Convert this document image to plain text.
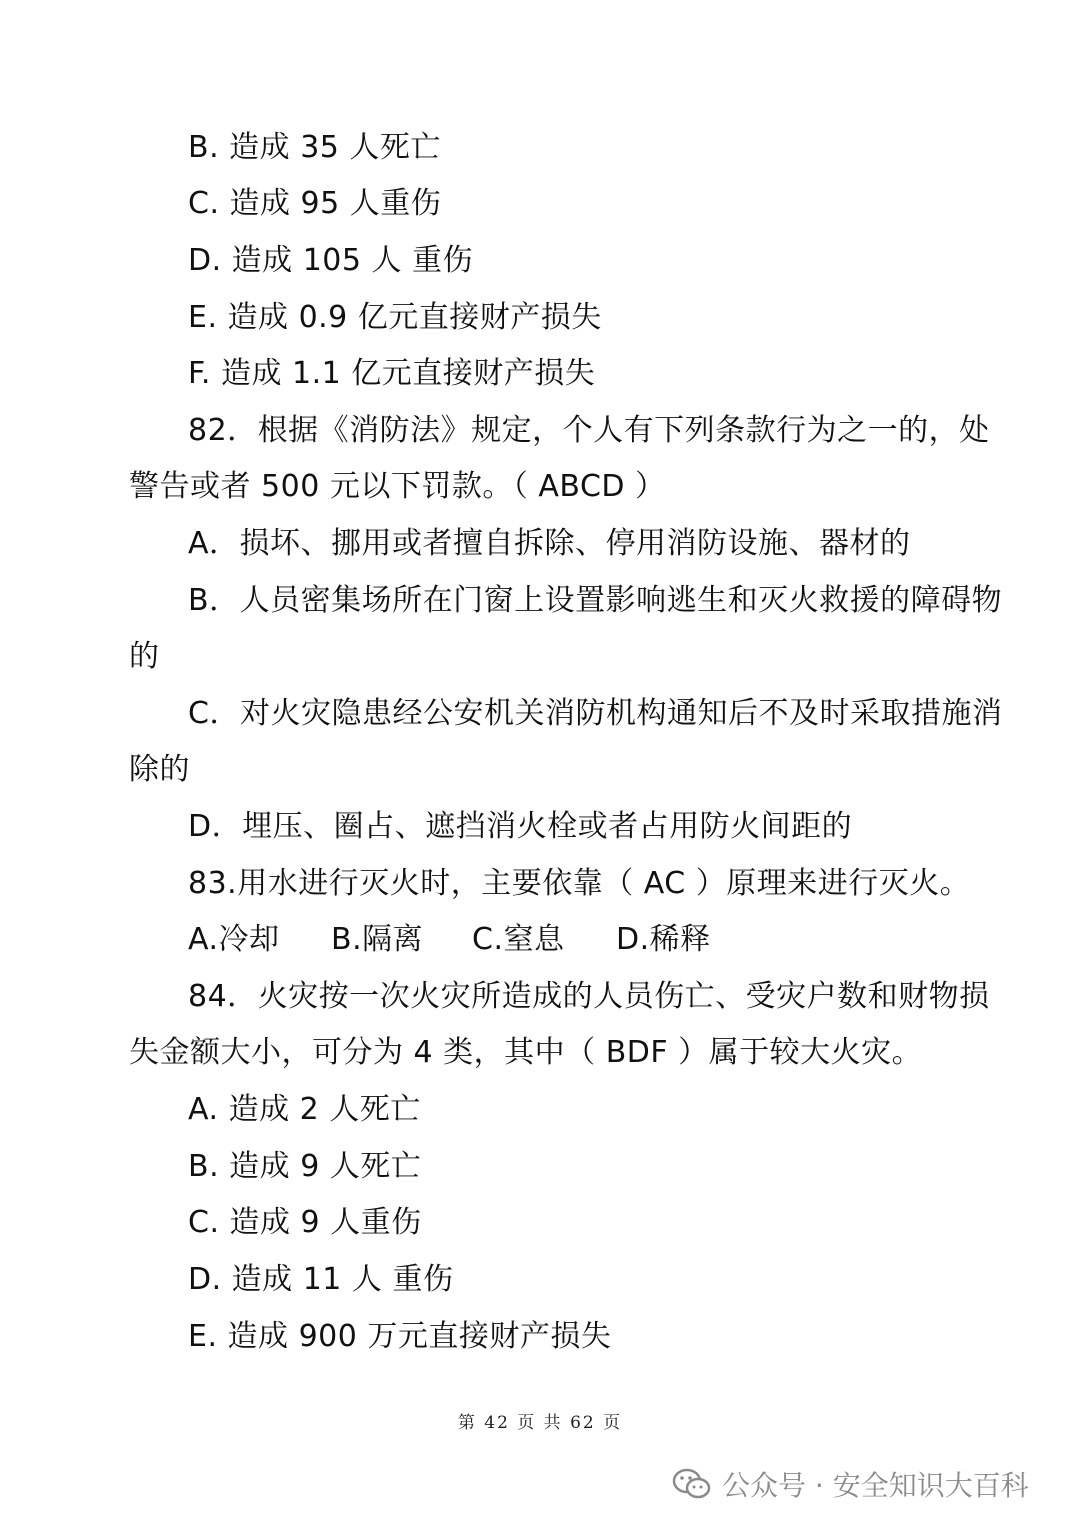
B. 造成 35 人死亡
C. 造成 95 人重伤
D. 造成 105 人 重伤
E. 造成 0.9 亿元直接财产损失
F. 造成 1.1 亿元直接财产损失
82．根据《消防法》规定，个人有下列条款行为之一的，处
警告或者 500 元以下罚款。（ ABCD ）
A．损坏、挪用或者擅自拆除、停用消防设施、器材的
B．人员密集场所在门窗上设置影响逃生和灭火救援的障碍物
的
C．对火灾隐患经公安机关消防机构通知后不及时采取措施消
除的
D．埋压、圈占、遮挡消火栓或者占用防火间距的
83.用水进行灭火时，主要依靠（ AC ）原理来进行灭火。
A.冷却 B.隔离 C.窒息 D.稀释
84．火灾按一次火灾所造成的人员伤亡、受灾户数和财物损
失金额大小，可分为 4 类，其中（ BDF ）属于较大火灾。
A. 造成 2 人死亡
B. 造成 9 人死亡
C. 造成 9 人重伤
D. 造成 11 人 重伤
E. 造成 900 万元直接财产损失
第 42 页 共 62 页
公众号 · 安全知识大百科
